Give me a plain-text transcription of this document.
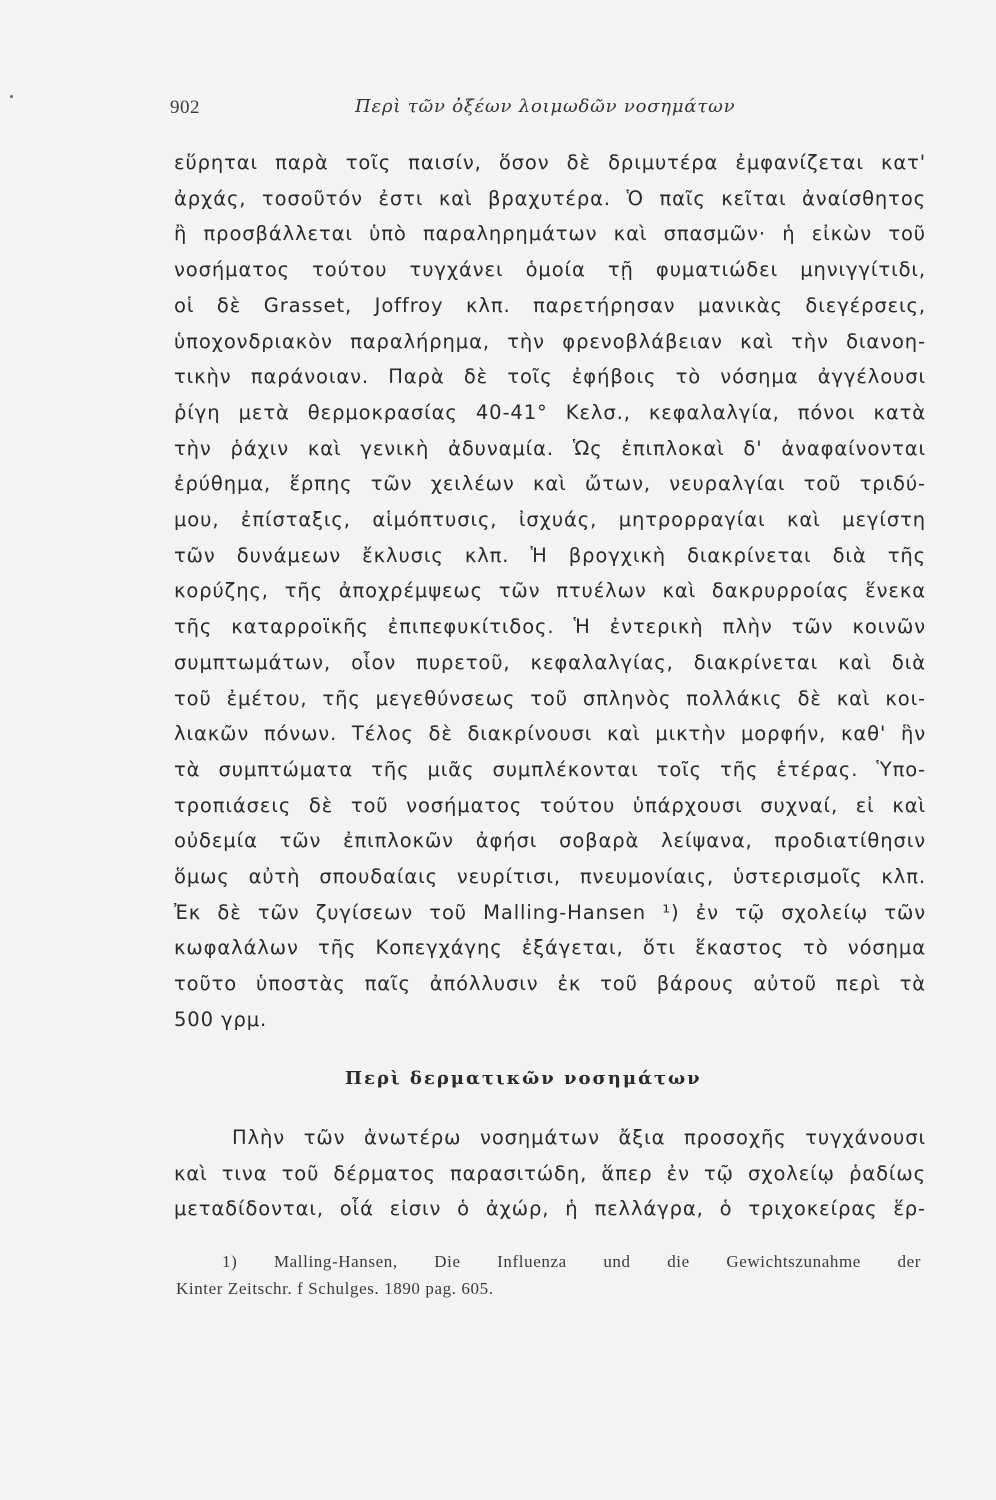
902	Περὶ τῶν ὀξέων λοιμωδῶν νοσημάτων
εὕρηται παρὰ τοῖς παισίν, ὅσον δὲ δριμυτέρα ἐμφανίζεται κατ'
ἀρχάς, τοσοῦτόν ἐστι καὶ βραχυτέρα. Ὁ παῖς κεῖται ἀναίσθητος
ἢ προσβάλλεται ὑπὸ παραληρημάτων καὶ σπασμῶν· ἡ εἰκὼν τοῦ
νοσήματος τούτου τυγχάνει ὁμοία τῇ φυματιώδει μηνιγγίτιδι,
οἱ δὲ Grasset, Joffroy κλπ. παρετήρησαν μανικὰς διεγέρσεις,
ὑποχονδριακὸν παραλήρημα, τὴν φρενοβλάβειαν καὶ τὴν διανοη-
τικὴν παράνοιαν. Παρὰ δὲ τοῖς ἐφήβοις τὸ νόσημα ἀγγέλουσι
ῥίγη μετὰ θερμοκρασίας 40-41° Κελσ., κεφαλαλγία, πόνοι κατὰ
τὴν ῥάχιν καὶ γενικὴ ἀδυναμία. Ὡς ἐπιπλοκαὶ δ' ἀναφαίνονται
ἐρύθημα, ἕρπης τῶν χειλέων καὶ ὤτων, νευραλγίαι τοῦ τριδύ-
μου, ἐπίσταξις, αἱμόπτυσις, ἰσχυάς, μητρορραγίαι καὶ μεγίστη
τῶν δυνάμεων ἔκλυσις κλπ. Ἡ βρογχικὴ διακρίνεται διὰ τῆς
κορύζης, τῆς ἀποχρέμψεως τῶν πτυέλων καὶ δακρυρροίας ἕνεκα
τῆς καταρροϊκῆς ἐπιπεφυκίτιδος. Ἡ ἐντερικὴ πλὴν τῶν κοινῶν
συμπτωμάτων, οἷον πυρετοῦ, κεφαλαλγίας, διακρίνεται καὶ διὰ
τοῦ ἐμέτου, τῆς μεγεθύνσεως τοῦ σπληνὸς πολλάκις δὲ καὶ κοι-
λιακῶν πόνων. Τέλος δὲ διακρίνουσι καὶ μικτὴν μορφήν, καθ' ἣν
τὰ συμπτώματα τῆς μιᾶς συμπλέκονται τοῖς τῆς ἑτέρας. Ὑπο-
τροπιάσεις δὲ τοῦ νοσήματος τούτου ὑπάρχουσι συχναί, εἰ καὶ
οὐδεμία τῶν ἐπιπλοκῶν ἀφήσι σοβαρὰ λείψανα, προδιατίθησιν
ὅμως αὐτὴ σπουδαίαις νευρίτισι, πνευμονίαις, ὑστερισμοῖς κλπ.
Ἐκ δὲ τῶν ζυγίσεων τοῦ Malling-Hansen ¹) ἐν τῷ σχολείῳ τῶν
κωφαλάλων τῆς Κοπεγχάγης ἐξάγεται, ὅτι ἕκαστος τὸ νόσημα
τοῦτο ὑποστὰς παῖς ἀπόλλυσιν ἐκ τοῦ βάρους αὐτοῦ περὶ τὰ
500 γρμ.
Περὶ δερματικῶν νοσημάτων
Πλὴν τῶν ἀνωτέρω νοσημάτων ἄξια προσοχῆς τυγχάνουσι
καὶ τινα τοῦ δέρματος παρασιτώδη, ἅπερ ἐν τῷ σχολείῳ ῥαδίως
μεταδίδονται, οἷά εἰσιν ὁ ἀχώρ, ἡ πελλάγρα, ὁ τριχοκείρας ἕρ-
1) Malling-Hansen, Die Influenza und die Gewichtszunahme der
Kinter Zeitschr. f Schulges. 1890 pag. 605.
